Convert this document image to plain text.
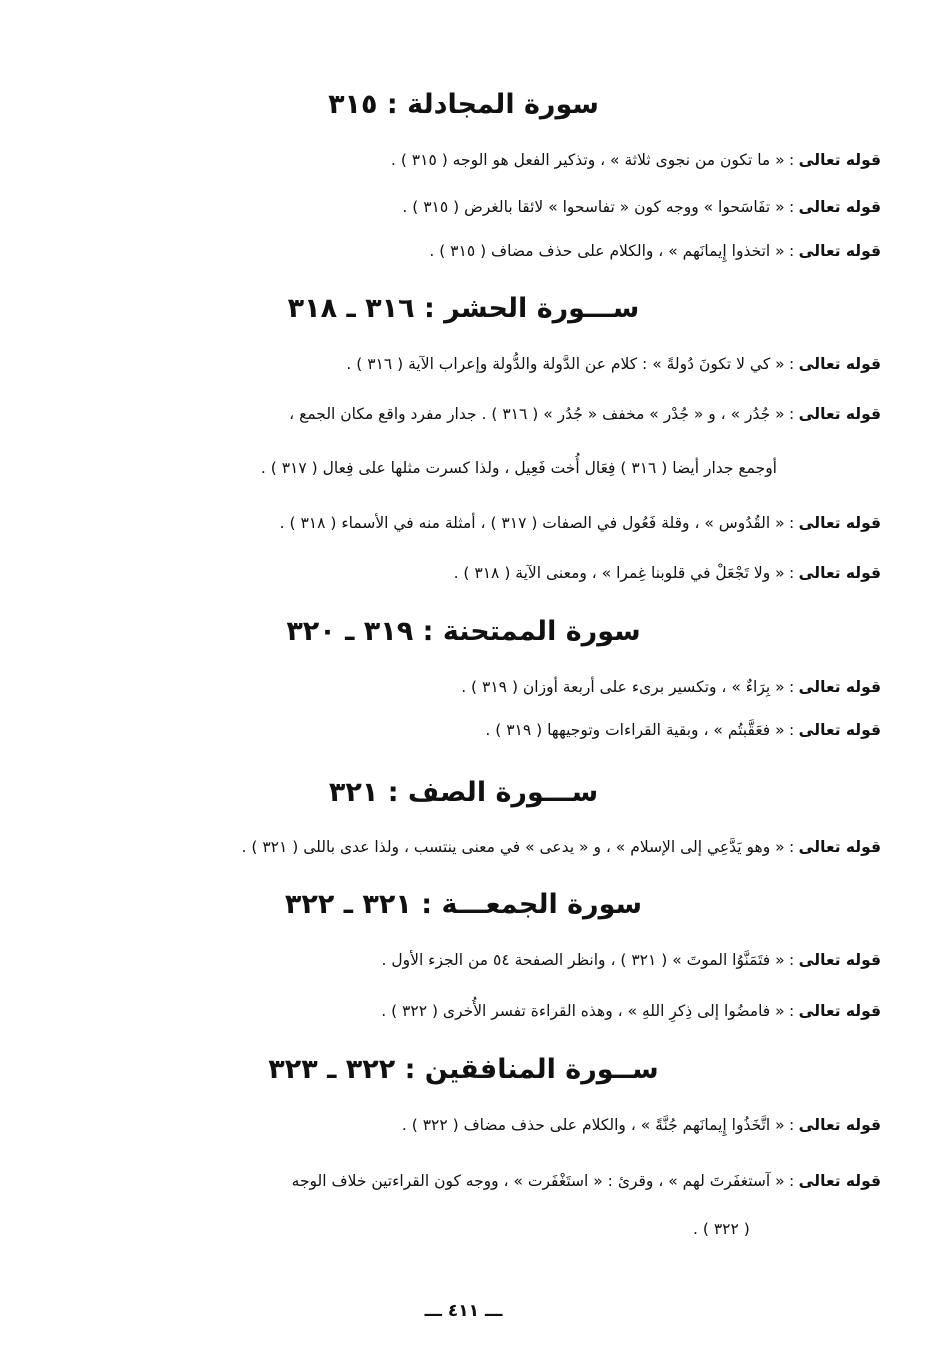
سورة المجادلة : ٣١٥
قوله تعالى:« ما تكون من نجوى ثلاثة » ، وتذكير الفعل هو الوجه ( ٣١٥ ) .
قوله تعالى:« تفَاسَحوا » ووجه كون « تفاسحوا » لائقا بالغرض ( ٣١٥ ) .
قوله تعالى:« اتخذوا إِيمانَهم » ، والكلام على حذف مضاف ( ٣١٥ ) .
ســـورة الحشر : ٣١٦ ـ ٣١٨
قوله تعالى:« كي لا تكونَ دُولةً » : كلام عن الدَّولة والدُّولة وإعراب الآية ( ٣١٦ ) .
قوله تعالى:« جُدُر » ، و « جُدْر » مخفف « جُدُر » ( ٣١٦ ) . جدار مفرد واقع مكان الجمع ،
أوجمع جدار أيضا ( ٣١٦ ) فِعَال أُخت فَعِيل ، ولذا كسرت مثلها على فِعال ( ٣١٧ ) .
قوله تعالى:« القُدُوس » ، وقلة فَعُول في الصفات ( ٣١٧ ) ، أمثلة منه في الأسماء ( ٣١٨ ) .
قوله تعالى:« ولا تَجْعَلْ في قلوبنا غِمرا » ، ومعنى الآية ( ٣١٨ ) .
سورة الممتحنة : ٣١٩ ـ ٣٢٠
قوله تعالى:« بِرَاءٌ » ، وتكسير برىء على أربعة أوزان ( ٣١٩ ) .
قوله تعالى:« فعَقَّبتُم » ، وبقية القراءات وتوجيهها ( ٣١٩ ) .
ســـورة الصف : ٣٢١
قوله تعالى:« وهو يَدَّعِي إلى الإسلام » ، و « يدعى » في معنى ينتسب ، ولذا عدى باللى ( ٣٢١ ) .
سورة الجمعـــة : ٣٢١ ـ ٣٢٢
قوله تعالى:« فتَمَنَّوُا الموتَ » ( ٣٢١ ) ، وانظر الصفحة ٥٤ من الجزء الأول .
قوله تعالى:« فامضُوا إلى ذِكرِ اللهِ » ، وهذه القراءة تفسر الأُخرى ( ٣٢٢ ) .
ســورة المنافقين : ٣٢٢ ـ ٣٢٣
قوله تعالى:« اتَّخَذُوا إِيمانَهم جُنَّةً » ، والكلام على حذف مضاف ( ٣٢٢ ) .
قوله تعالى:« آستغفَرتَ لهم » ، وقرئ : « استَغْفَرت » ، ووجه كون القراءتين خلاف الوجه
( ٣٢٢ ) .
ـــ ٤١١ ـــ
